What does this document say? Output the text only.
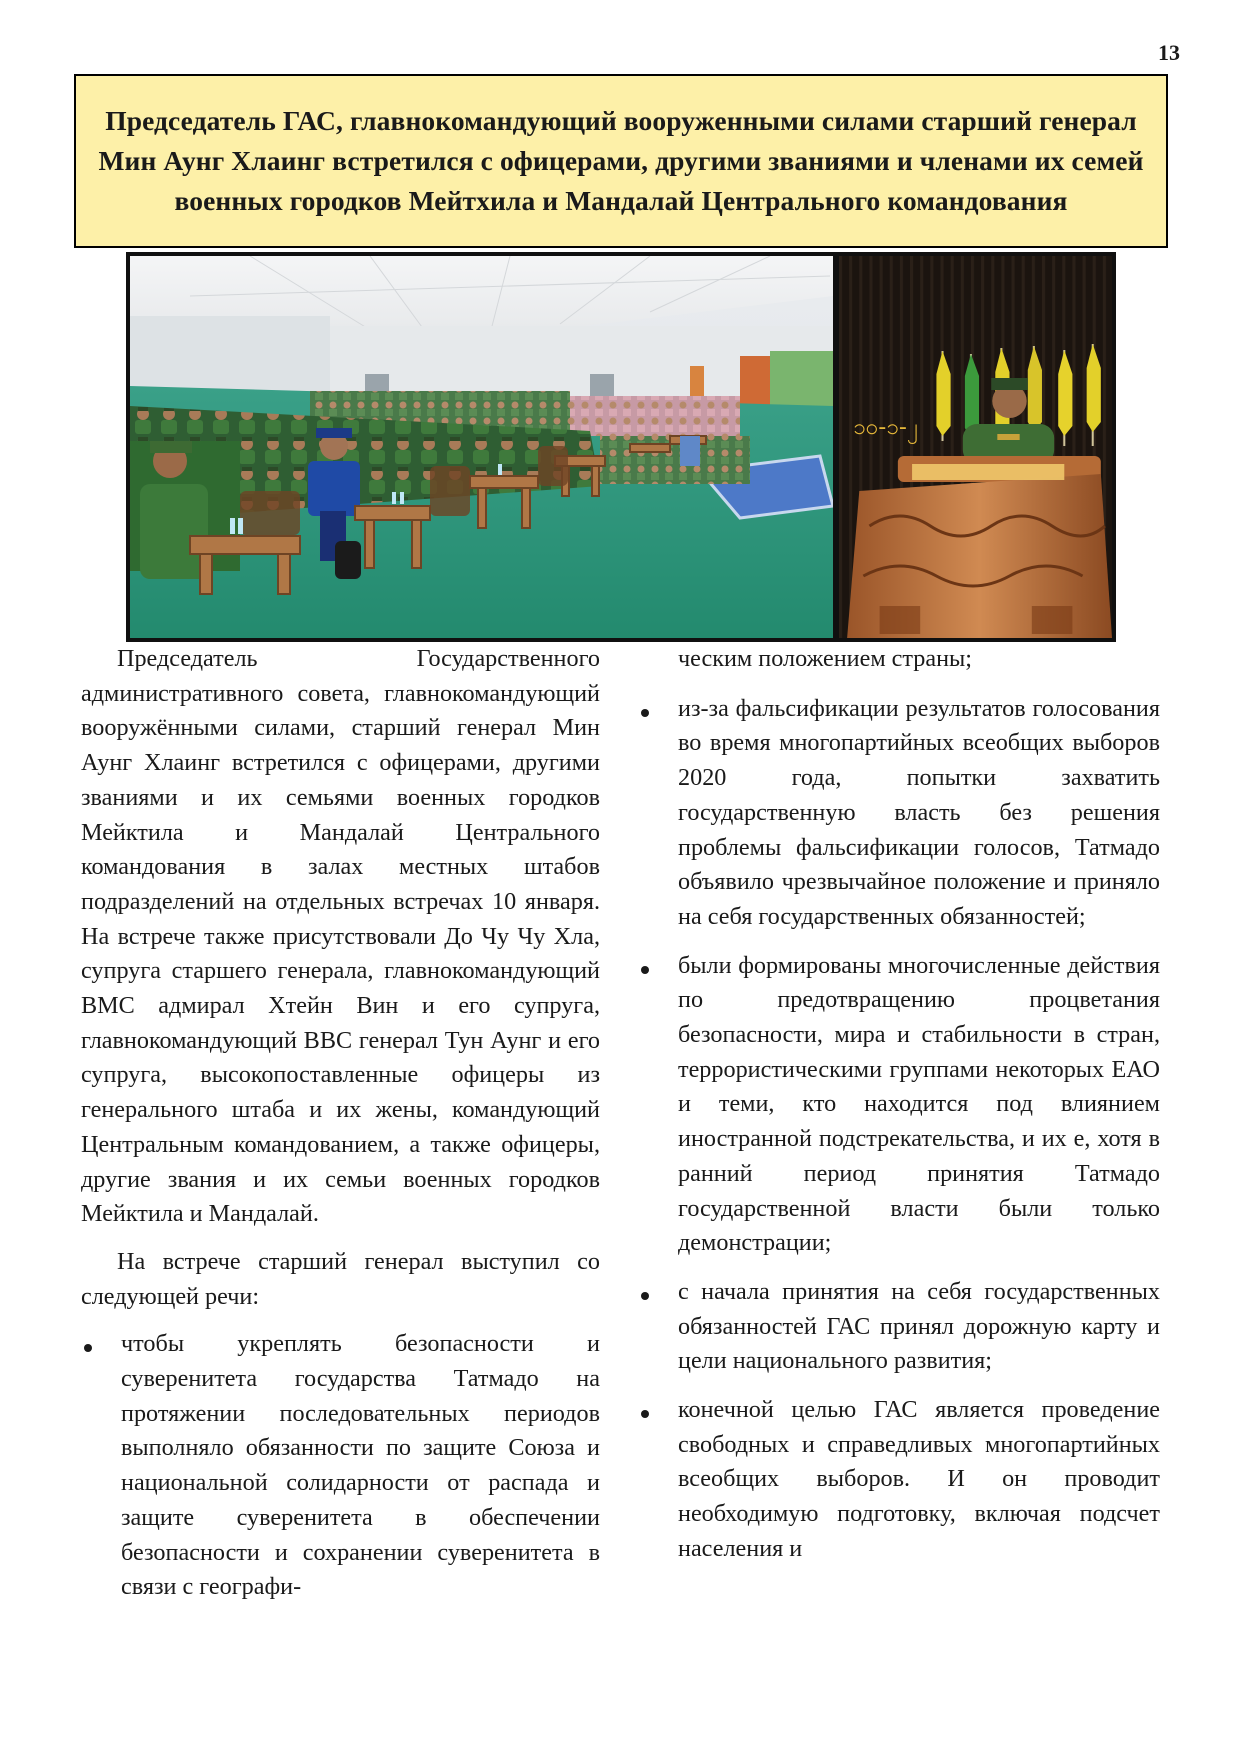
13
Председатель ГАС, главнокомандующий вооруженными силами старший генерал Мин Аунг Хлаинг встретился с офицерами, другими званиями и членами их семей военных городков Мейтхила и Мандалай Центрального командования
၁၀-၁-၂

Председатель Государственного административного совета, главнокомандующий вооружёнными силами, старший генерал Мин Аунг Хлаинг встретился с офицерами, другими званиями и их семьями военных городков Мейктила и Мандалай Центрального командования в залах местных штабов подразделений на отдельных встречах 10 января. На встрече также присутствовали До Чу Чу Хла, супруга старшего генерала, главнокомандующий ВМС адмирал Хтейн Вин и его супруга, главнокомандующий ВВС генерал Тун Аунг и его супруга, высокопоставленные офицеры из генерального штаба и их жены, командующий Центральным командованием, а также офицеры, другие звания и их семьи военных городков Мейктила и Мандалай.

На встрече старший генерал выступил со следующей речи:

чтобы укреплять безопасности и суверенитета государства Татмадо на протяжении последовательных периодов выполняло обязанности по защите Союза и национальной солидарности от распада и защите суверенитета в обеспечении безопасности и сохранении суверенитета в связи с географи-

ческим положением страны;

из-за фальсификации результатов голосования во время многопартийных всеобщих выборов 2020 года, попытки захватить государственную власть без решения проблемы фальсификации голосов, Татмадо объявило чрезвычайное положение и приняло на себя государственных обязанностей;
были формированы многочисленные действия по предотвращению процветания безопасности, мира и стабильности в стран, террористическими группами некоторых ЕАО и теми, кто находится под влиянием иностранной подстрекательства, и их е, хотя в ранний период принятия Татмадо государственной власти были только демонстрации;
с начала принятия на себя государственных обязанностей ГАС принял дорожную карту и цели национального развития;
конечной целью ГАС является проведение свободных и справедливых многопартийных всеобщих выборов. И он проводит необходимую подготовку, включая подсчет населения и
